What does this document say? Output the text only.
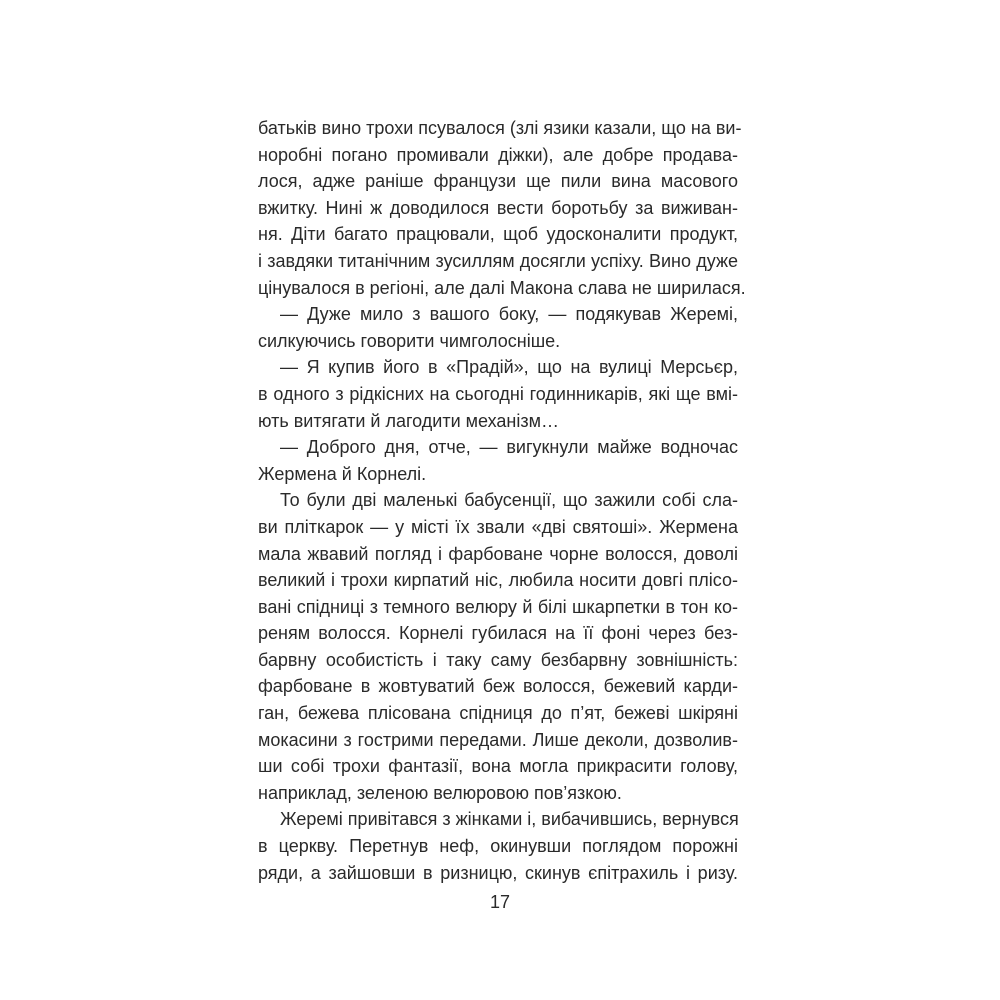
батьків вино трохи псувалося (злі язики казали, що на ви-
норобні погано промивали діжки), але добре продава-
лося, адже раніше французи ще пили вина масового
вжитку. Нині ж доводилося вести боротьбу за виживан-
ня. Діти багато працювали, щоб удосконалити продукт,
і завдяки титанічним зусиллям досягли успіху. Вино дуже
цінувалося в регіоні, але далі Макона слава не ширилася.
— Дуже мило з вашого боку, — подякував Жеремі,
силкуючись говорити чимголосніше.
— Я купив його в «Прадій», що на вулиці Мерсьєр,
в одного з рідкісних на сьогодні годинникарів, які ще вмі-
ють витягати й лагодити механізм…
— Доброго дня, отче, — вигукнули майже водночас
Жермена й Корнелі.
То були дві маленькі бабусенції, що зажили собі сла-
ви пліткарок — у місті їх звали «дві святоші». Жермена
мала жвавий погляд і фарбоване чорне волосся, доволі
великий і трохи кирпатий ніс, любила носити довгі плісо-
вані спідниці з темного велюру й білі шкарпетки в тон ко-
реням волосся. Корнелі губилася на її фоні через без-
барвну особистість і таку саму безбарвну зовнішність:
фарбоване в жовтуватий беж волосся, бежевий карди-
ган, бежева плісована спідниця до п’ят, бежеві шкіряні
мокасини з гострими передами. Лише деколи, дозволив-
ши собі трохи фантазії, вона могла прикрасити голову,
наприклад, зеленою велюровою пов’язкою.
Жеремі привітався з жінками і, вибачившись, вернувся
в церкву. Перетнув неф, окинувши поглядом порожні
ряди, а зайшовши в ризницю, скинув єпітрахиль і ризу.
17
